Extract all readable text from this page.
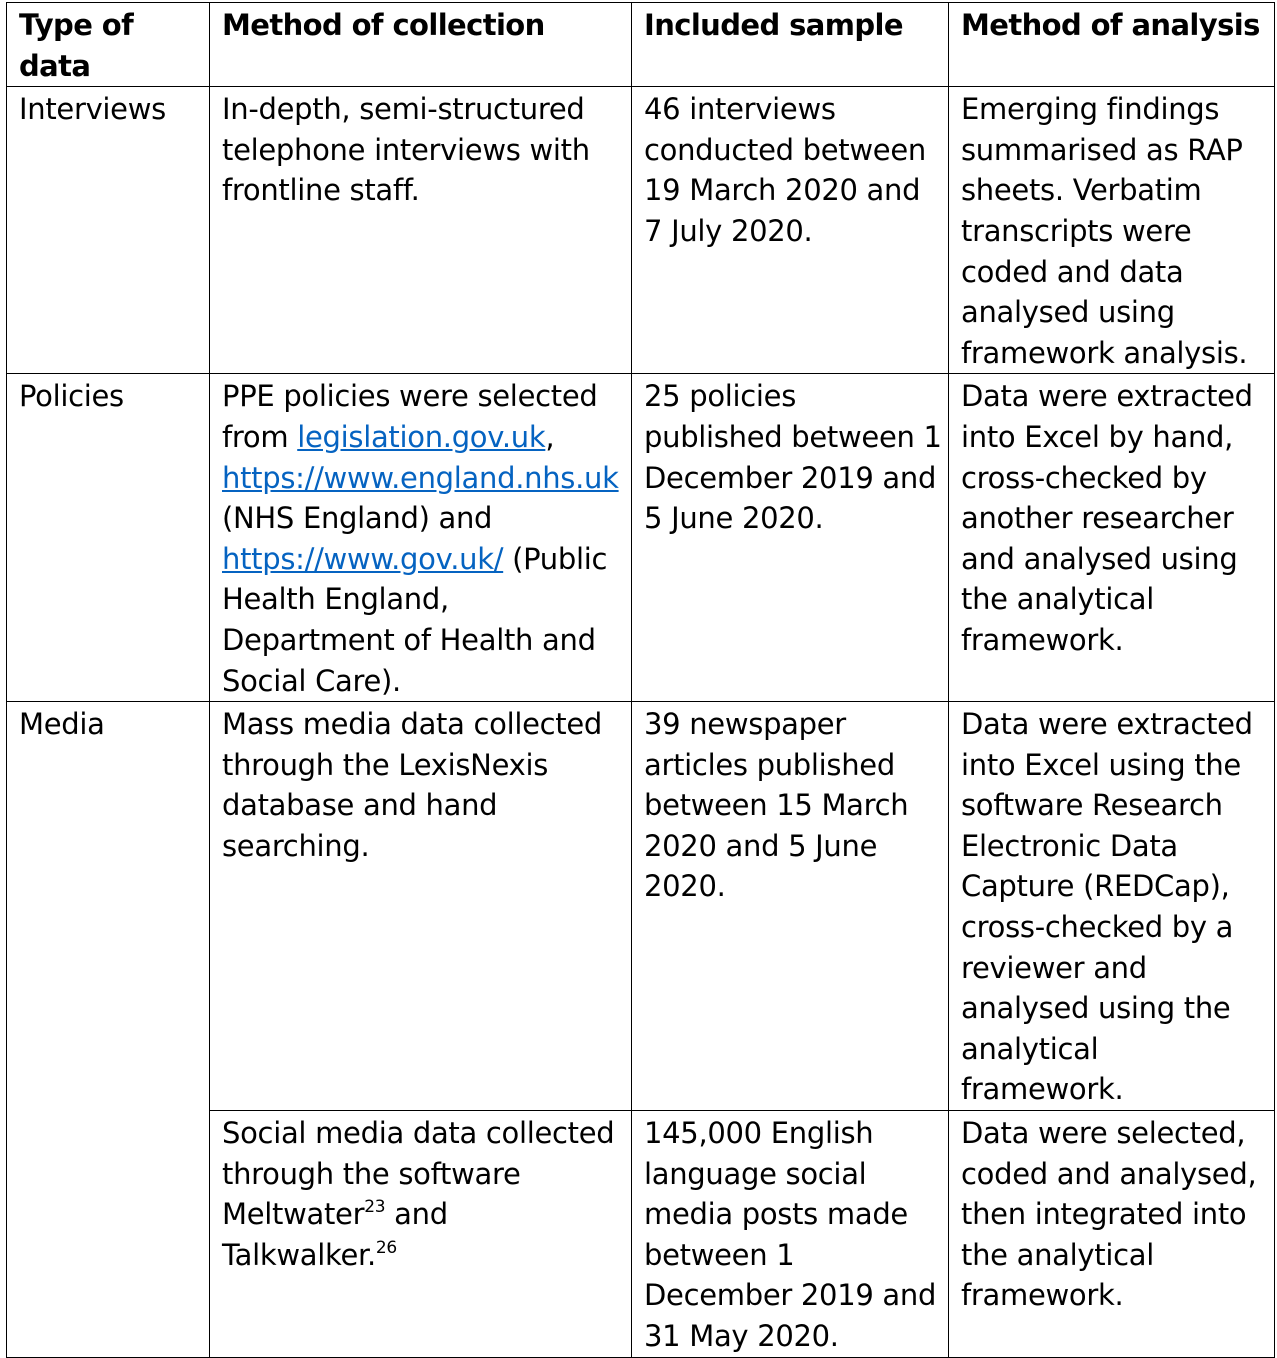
Type of data	Method of collection	Included sample	Method of analysis
Interviews	In-depth, semi-structured telephone interviews with frontline staff.	46 interviews conducted between 19 March 2020 and 7 July 2020.	Emerging findings summarised as RAP sheets. Verbatim transcripts were coded and data analysed using framework analysis.
Policies	PPE policies were selected from legislation.gov.uk, https://www.england.nhs.uk (NHS England) and https://www.gov.uk/ (Public Health England, Department of Health and Social Care).	25 policies published between 1 December 2019 and 5 June 2020.	Data were extracted into Excel by hand, cross-checked by another researcher and analysed using the analytical framework.
Media	Mass media data collected through the LexisNexis database and hand searching.	39 newspaper articles published between 15 March 2020 and 5 June 2020.	Data were extracted into Excel using the software Research Electronic Data Capture (REDCap), cross-checked by a reviewer and analysed using the analytical framework.
	Social media data collected through the software Meltwater$^{23}$ and Talkwalker.$^{26}$	145,000 English language social media posts made between 1 December 2019 and 31 May 2020.	Data were selected, coded and analysed, then integrated into the analytical framework.
